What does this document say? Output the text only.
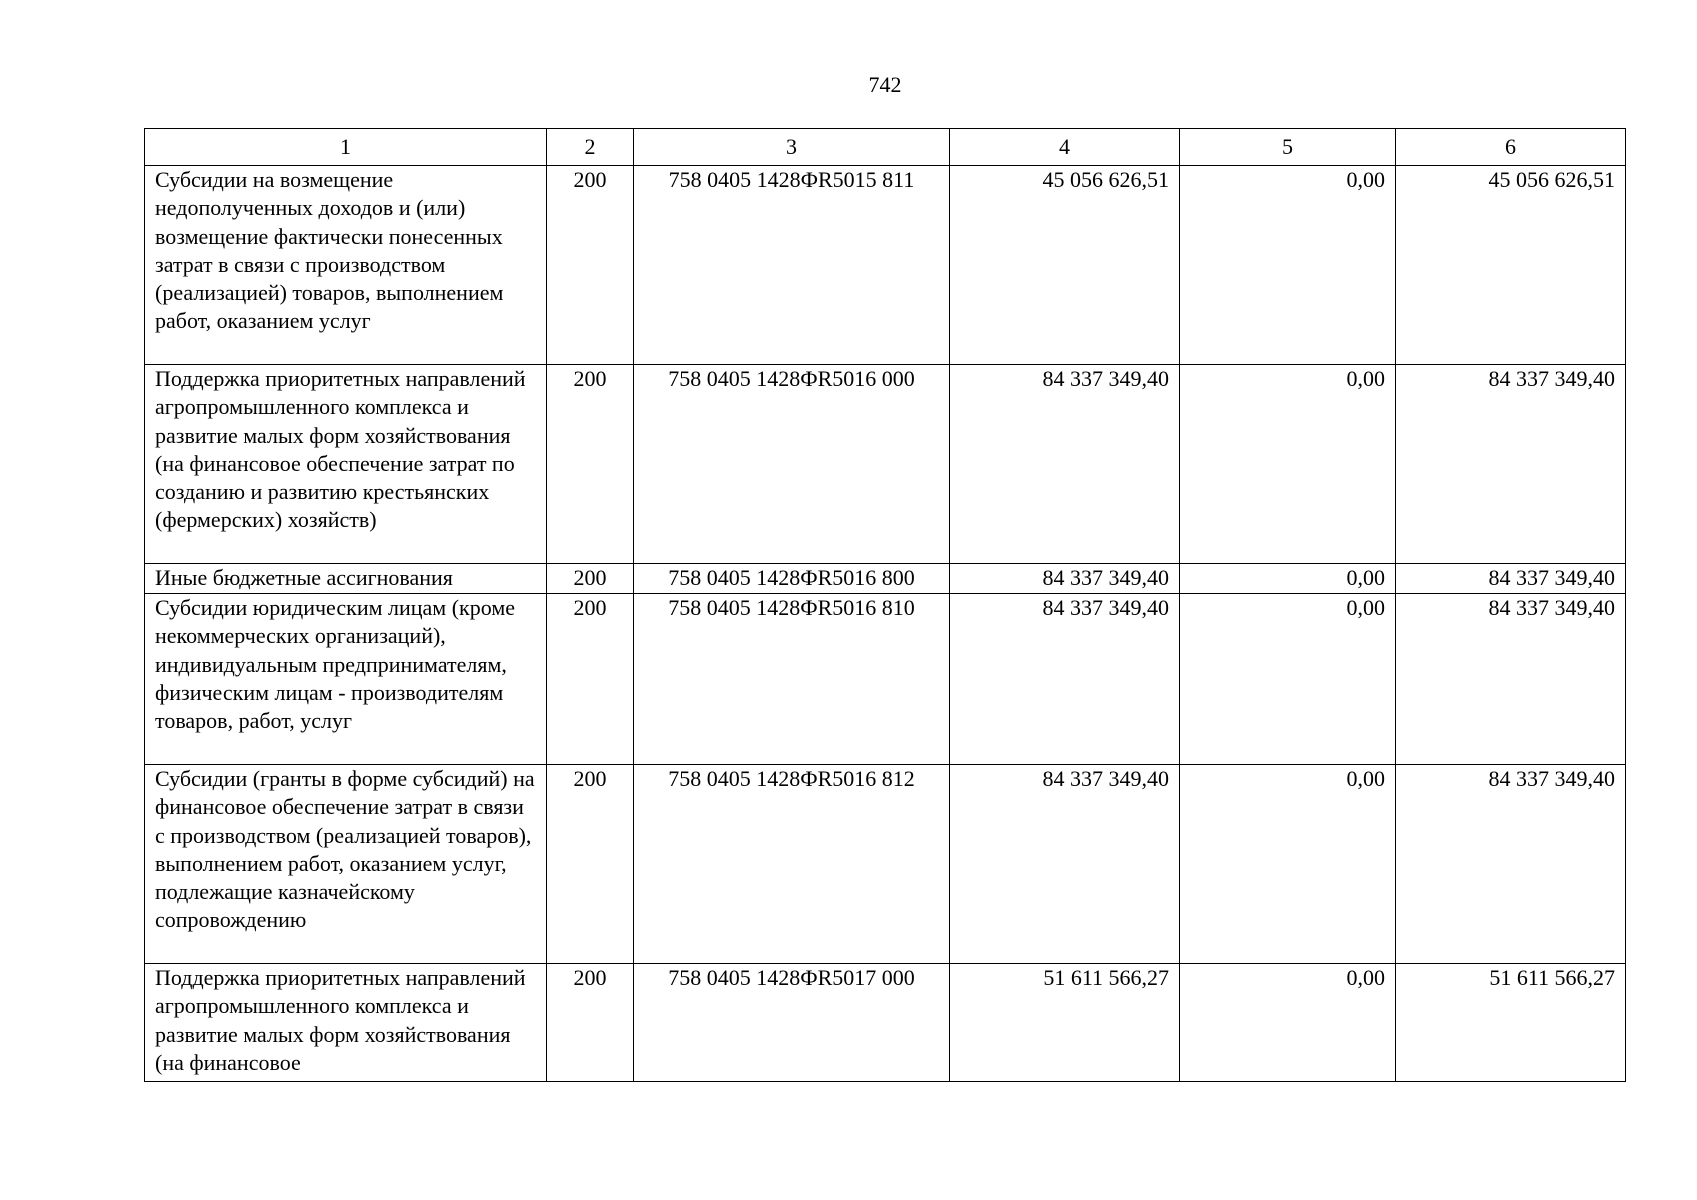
742
1	2	3	4	5	6
Субсидии на возмещение недополученных доходов и (или) возмещение фактически понесенных затрат в связи с производством (реализацией) товаров, выполнением работ, оказанием услуг	200	758 0405 1428ФR5015 811	45 056 626,51	0,00	45 056 626,51
Поддержка приоритетных направлений агропромышленного комплекса и развитие малых форм хозяйствования (на финансовое обеспечение затрат по созданию и развитию крестьянских (фермерских) хозяйств)	200	758 0405 1428ФR5016 000	84 337 349,40	0,00	84 337 349,40
Иные бюджетные ассигнования	200	758 0405 1428ФR5016 800	84 337 349,40	0,00	84 337 349,40
Субсидии юридическим лицам (кроме некоммерческих организаций), индивидуальным предпринимателям, физическим лицам - производителям товаров, работ, услуг	200	758 0405 1428ФR5016 810	84 337 349,40	0,00	84 337 349,40
Субсидии (гранты в форме субсидий) на финансовое обеспечение затрат в связи с производством (реализацией товаров), выполнением работ, оказанием услуг, подлежащие казначейскому сопровождению	200	758 0405 1428ФR5016 812	84 337 349,40	0,00	84 337 349,40
Поддержка приоритетных направлений агропромышленного комплекса и развитие малых форм хозяйствования (на финансовое	200	758 0405 1428ФR5017 000	51 611 566,27	0,00	51 611 566,27
